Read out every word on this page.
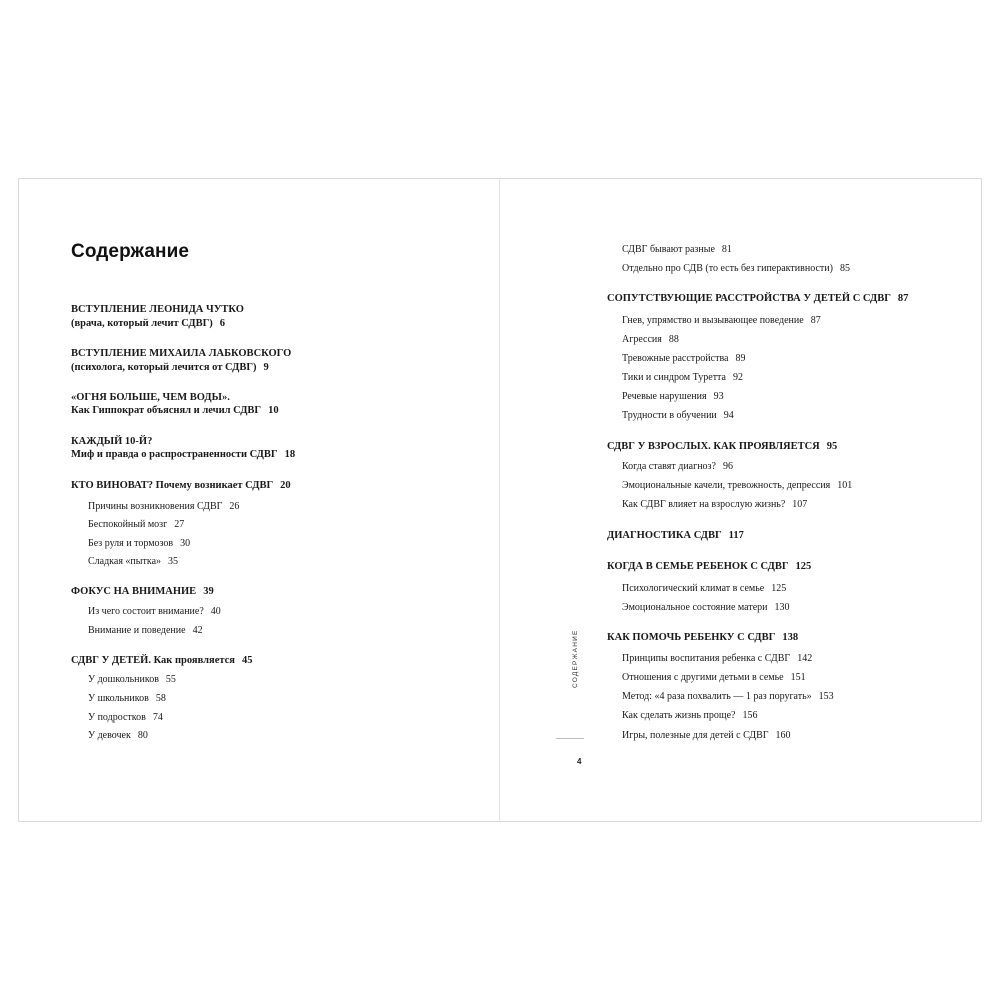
Содержание
ВСТУПЛЕНИЕ ЛЕОНИДА ЧУТКО
(врача, который лечит СДВГ) 6
ВСТУПЛЕНИЕ МИХАИЛА ЛАБКОВСКОГО
(психолога, который лечится от СДВГ) 9
«ОГНЯ БОЛЬШЕ, ЧЕМ ВОДЫ».
Как Гиппократ объяснял и лечил СДВГ 10
КАЖДЫЙ 10-Й?
Миф и правда о распространенности СДВГ 18
КТО ВИНОВАТ? Почему возникает СДВГ 20
Причины возникновения СДВГ 26
Беспокойный мозг 27
Без руля и тормозов 30
Сладкая «пытка» 35
ФОКУС НА ВНИМАНИЕ 39
Из чего состоит внимание? 40
Внимание и поведение 42
СДВГ У ДЕТЕЙ. Как проявляется 45
У дошкольников 55
У школьников 58
У подростков 74
У девочек 80
СДВГ бывают разные 81
Отдельно про СДВ (то есть без гиперактивности) 85
СОПУТСТВУЮЩИЕ РАССТРОЙСТВА У ДЕТЕЙ С СДВГ 87
Гнев, упрямство и вызывающее поведение 87
Агрессия 88
Тревожные расстройства 89
Тики и синдром Туретта 92
Речевые нарушения 93
Трудности в обучении 94
СДВГ У ВЗРОСЛЫХ. КАК ПРОЯВЛЯЕТСЯ 95
Когда ставят диагноз? 96
Эмоциональные качели, тревожность, депрессия 101
Как СДВГ влияет на взрослую жизнь? 107
ДИАГНОСТИКА СДВГ 117
КОГДА В СЕМЬЕ РЕБЕНОК С СДВГ 125
Психологический климат в семье 125
Эмоциональное состояние матери 130
КАК ПОМОЧЬ РЕБЕНКУ С СДВГ 138
Принципы воспитания ребенка с СДВГ 142
Отношения с другими детьми в семье 151
Метод: «4 раза похвалить — 1 раз поругать» 153
Как сделать жизнь проще? 156
Игры, полезные для детей с СДВГ 160
СОДЕРЖАНИЕ
4
